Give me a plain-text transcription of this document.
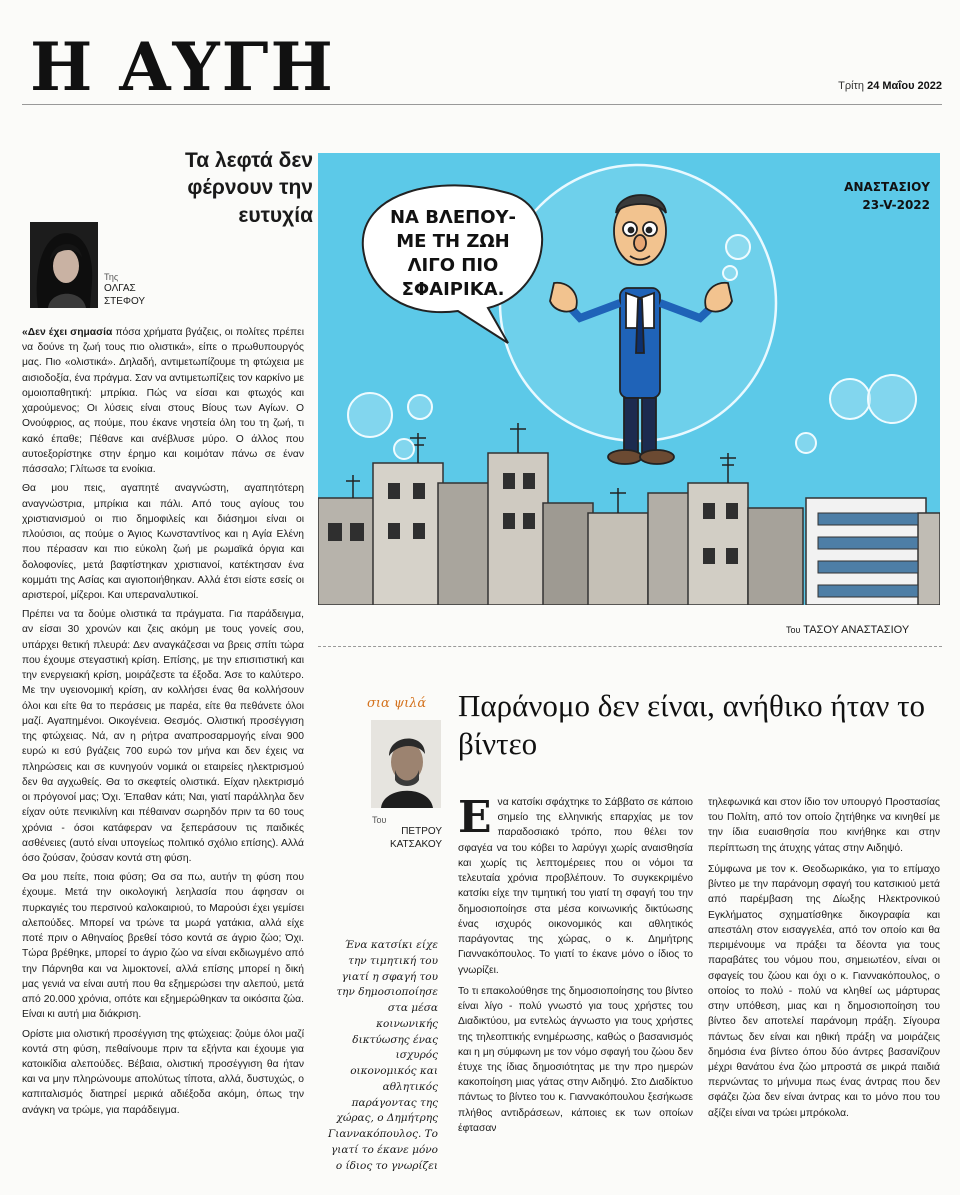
Η ΑΥΓΗ	Τρίτη 24 Μαΐου 2022
Τα λεφτά δεν φέρνουν την ευτυχία
Της
ΟΛΓΑΣ ΣΤΕΦΟΥ

«Δεν έχει σημασία πόσα χρήματα βγάζεις, οι πολίτες πρέπει να δούνε τη ζωή τους πιο ολιστικά», είπε ο πρωθυπουργός μας. Πιο «ολιστικά». Δηλαδή, αντιμετωπίζουμε τη φτώχεια με αισιοδοξία, ένα πράγμα. Σαν να αντιμετωπίζεις τον καρκίνο με ομοιοπαθητική: μπρίκια. Πώς να είσαι και φτωχός και χαρούμενος; Οι λύσεις είναι στους Βίους των Αγίων. Ο Ονούφριος, ας πούμε, που έκανε νηστεία όλη του τη ζωή, τι κακό έπαθε; Πέθανε και ανέβλυσε μύρο. Ο άλλος που αυτοεξορίστηκε στην έρημο και κοιμόταν πάνω σε έναν πάσσαλο; Γλίτωσε τα ενοίκια.

Θα μου πεις, αγαπητέ αναγνώστη, αγαπητότερη αναγνώστρια, μπρίκια και πάλι. Από τους αγίους του χριστιανισμού οι πιο δημοφιλείς και διάσημοι είναι οι πλούσιοι, ας πούμε ο Άγιος Κωνσταντίνος και η Αγία Ελένη που πέρασαν και πιο εύκολη ζωή με ρωμαϊκά όργια και δολοφονίες, μετά βαφτίστηκαν χριστιανοί, κατέκτησαν ένα κομμάτι της Ασίας και αγιοποιήθηκαν. Αλλά έτσι είστε εσείς οι αριστεροί, μίζεροι. Και υπεραναλυτικοί.

Πρέπει να τα δούμε ολιστικά τα πράγματα. Για παράδειγμα, αν είσαι 30 χρονών και ζεις ακόμη με τους γονείς σου, υπάρχει θετική πλευρά: Δεν αναγκάζεσαι να βρεις σπίτι τώρα που έχουμε στεγαστική κρίση. Επίσης, με την επισιτιστική και την ενεργειακή κρίση, μοιράζεστε τα έξοδα. Άσε το καλύτερο. Με την υγειονομική κρίση, αν κολλήσει ένας θα κολλήσουν όλοι και είτε θα το περάσεις με παρέα, είτε θα πεθάνετε όλοι μαζί. Αγαπημένοι. Οικογένεια. Θεσμός. Ολιστική προσέγγιση της φτώχειας. Νά, αν η ρήτρα αναπροσαρμογής είναι 900 ευρώ κι εσύ βγάζεις 700 ευρώ τον μήνα και δεν έχεις να πληρώσεις και σε κυνηγούν νομικά οι εταιρείες ηλεκτρισμού δεν θα αγχωθείς. Θα το σκεφτείς ολιστικά. Είχαν ηλεκτρισμό οι πρόγονοί μας; Όχι. Έπαθαν κάτι; Ναι, γιατί παράλληλα δεν είχαν ούτε πενικιλίνη και πέθαιναν σωρηδόν πριν τα 60 τους χρόνια - όσοι κατάφεραν να ξεπεράσουν τις παιδικές ασθένειες (αυτό είναι υπογείως πολιτικό σχόλιο επίσης). Αλλά όσο ζούσαν, ζούσαν κοντά στη φύση.

Θα μου πείτε, ποια φύση; Θα σα πω, αυτήν τη φύση που έχουμε. Μετά την οικολογική λεηλασία που άφησαν οι πυρκαγιές του περσινού καλοκαιριού, το Μαρούσι έχει γεμίσει αλεπούδες. Μπορεί να τρώνε τα μωρά γατάκια, αλλά είχε ποτέ πριν ο Αθηναίος βρεθεί τόσο κοντά σε άγριο ζώο; Όχι. Τώρα βρέθηκε, μπορεί το άγριο ζώο να είναι εκδιωγμένο από την Πάρνηθα και να λιμοκτονεί, αλλά επίσης μπορεί η δική μας γενιά να είναι αυτή που θα εξημερώσει την αλεπού, μετά από 20.000 χρόνια, οπότε και εξημερώθηκαν τα οικόσιτα ζώα. Είναι κι αυτή μια διάκριση.

Ορίστε μια ολιστική προσέγγιση της φτώχειας: ζούμε όλοι μαζί κοντά στη φύση, πεθαίνουμε πριν τα εξήντα και έχουμε για κατοικίδια αλεπούδες. Βέβαια, ολιστική προσέγγιση θα ήταν και να μην πληρώνουμε απολύτως τίποτα, αλλά, δυστυχώς, ο καπιταλισμός διατηρεί μερικά αδιέξοδα ακόμη, όπως την ανάγκη να τρώμε, για παράδειγμα.

ΝΑ ΒΛΕΠΟΥ-
ΜΕ ΤΗ ΖΩΗ
ΛΙΓΟ ΠΙΟ
ΣΦΑΙΡΙΚΑ.
ΑΝΑΣΤΑΣΙΟΥ
23-V-2022
Του ΤΑΣΟΥ ΑΝΑΣΤΑΣΙΟΥ
σια ψιλά Παράνομο δεν είναι, ανήθικο ήταν το βίντεο
Του
ΠΕΤΡΟΥ ΚΑΤΣΑΚΟΥ
Ένα κατσίκι είχε την τιμητική του γιατί η σφαγή του την δημοσιοποίησε στα μέσα κοινωνικής δικτύωσης ένας ισχυρός οικονομικός και αθλητικός παράγοντας της χώρας, ο Δημήτρης Γιαννακόπουλος. Το γιατί το έκανε μόνο ο ίδιος το γνωρίζει

Ενα κατσίκι σφάχτηκε το Σάββατο σε κάποιο σημείο της ελληνικής επαρχίας με τον παραδοσιακό τρόπο, που θέλει τον σφαγέα να του κόβει το λαρύγγι χωρίς αναισθησία και χωρίς τις λεπτομέρειες που οι νόμοι τα τελευταία χρόνια προβλέπουν. Το συγκεκριμένο κατσίκι είχε την τιμητική του γιατί τη σφαγή του την δημοσιοποίησε στα μέσα κοινωνικής δικτύωσης ένας ισχυρός οικονομικός και αθλητικός παράγοντας της χώρας, ο κ. Δημήτρης Γιαννακόπουλος. Το γιατί το έκανε μόνο ο ίδιος το γνωρίζει.

Το τι επακολούθησε της δημοσιοποίησης του βίντεο είναι λίγο - πολύ γνωστό για τους χρήστες του Διαδικτύου, μα εντελώς άγνωστο για τους χρήστες της τηλεοπτικής ενημέρωσης, καθώς ο βασανισμός και η μη σύμφωνη με τον νόμο σφαγή του ζώου δεν έτυχε της ίδιας δημοσιότητας με την προ ημερών κακοποίηση μιας γάτας στην Αιδηψό. Στο Διαδίκτυο πάντως το βίντεο του κ. Γιαννακόπουλου ξεσήκωσε πλήθος αντιδράσεων, κάποιες εκ των οποίων έφτασαν

τηλεφωνικά και στον ίδιο τον υπουργό Προστασίας του Πολίτη, από τον οποίο ζητήθηκε να κινηθεί με την ίδια ευαισθησία που κινήθηκε και στην περίπτωση της άτυχης γάτας στην Αιδηψό.

Σύμφωνα με τον κ. Θεοδωρικάκο, για το επίμαχο βίντεο με την παράνομη σφαγή του κατσικιού μετά από παρέμβαση της Δίωξης Ηλεκτρονικού Εγκλήματος σχηματίσθηκε δικογραφία και απεστάλη στον εισαγγελέα, από τον οποίο και θα περιμένουμε να πράξει τα δέοντα για τους παραβάτες του νόμου που, σημειωτέον, είναι οι σφαγείς του ζώου και όχι ο κ. Γιαννακόπουλος, ο οποίος το πολύ - πολύ να κληθεί ως μάρτυρας στην υπόθεση, μιας και η δημοσιοποίηση του βίντεο δεν αποτελεί παράνομη πράξη. Σίγουρα πάντως δεν είναι και ηθική πράξη να μοιράζεις δημόσια ένα βίντεο όπου δύο άντρες βασανίζουν μέχρι θανάτου ένα ζώο μπροστά σε μικρά παιδιά περνώντας το μήνυμα πως ένας άντρας που δεν σφάζει ζώα δεν είναι άντρας και το μόνο που του αξίζει είναι να τρώει μπρόκολα.
